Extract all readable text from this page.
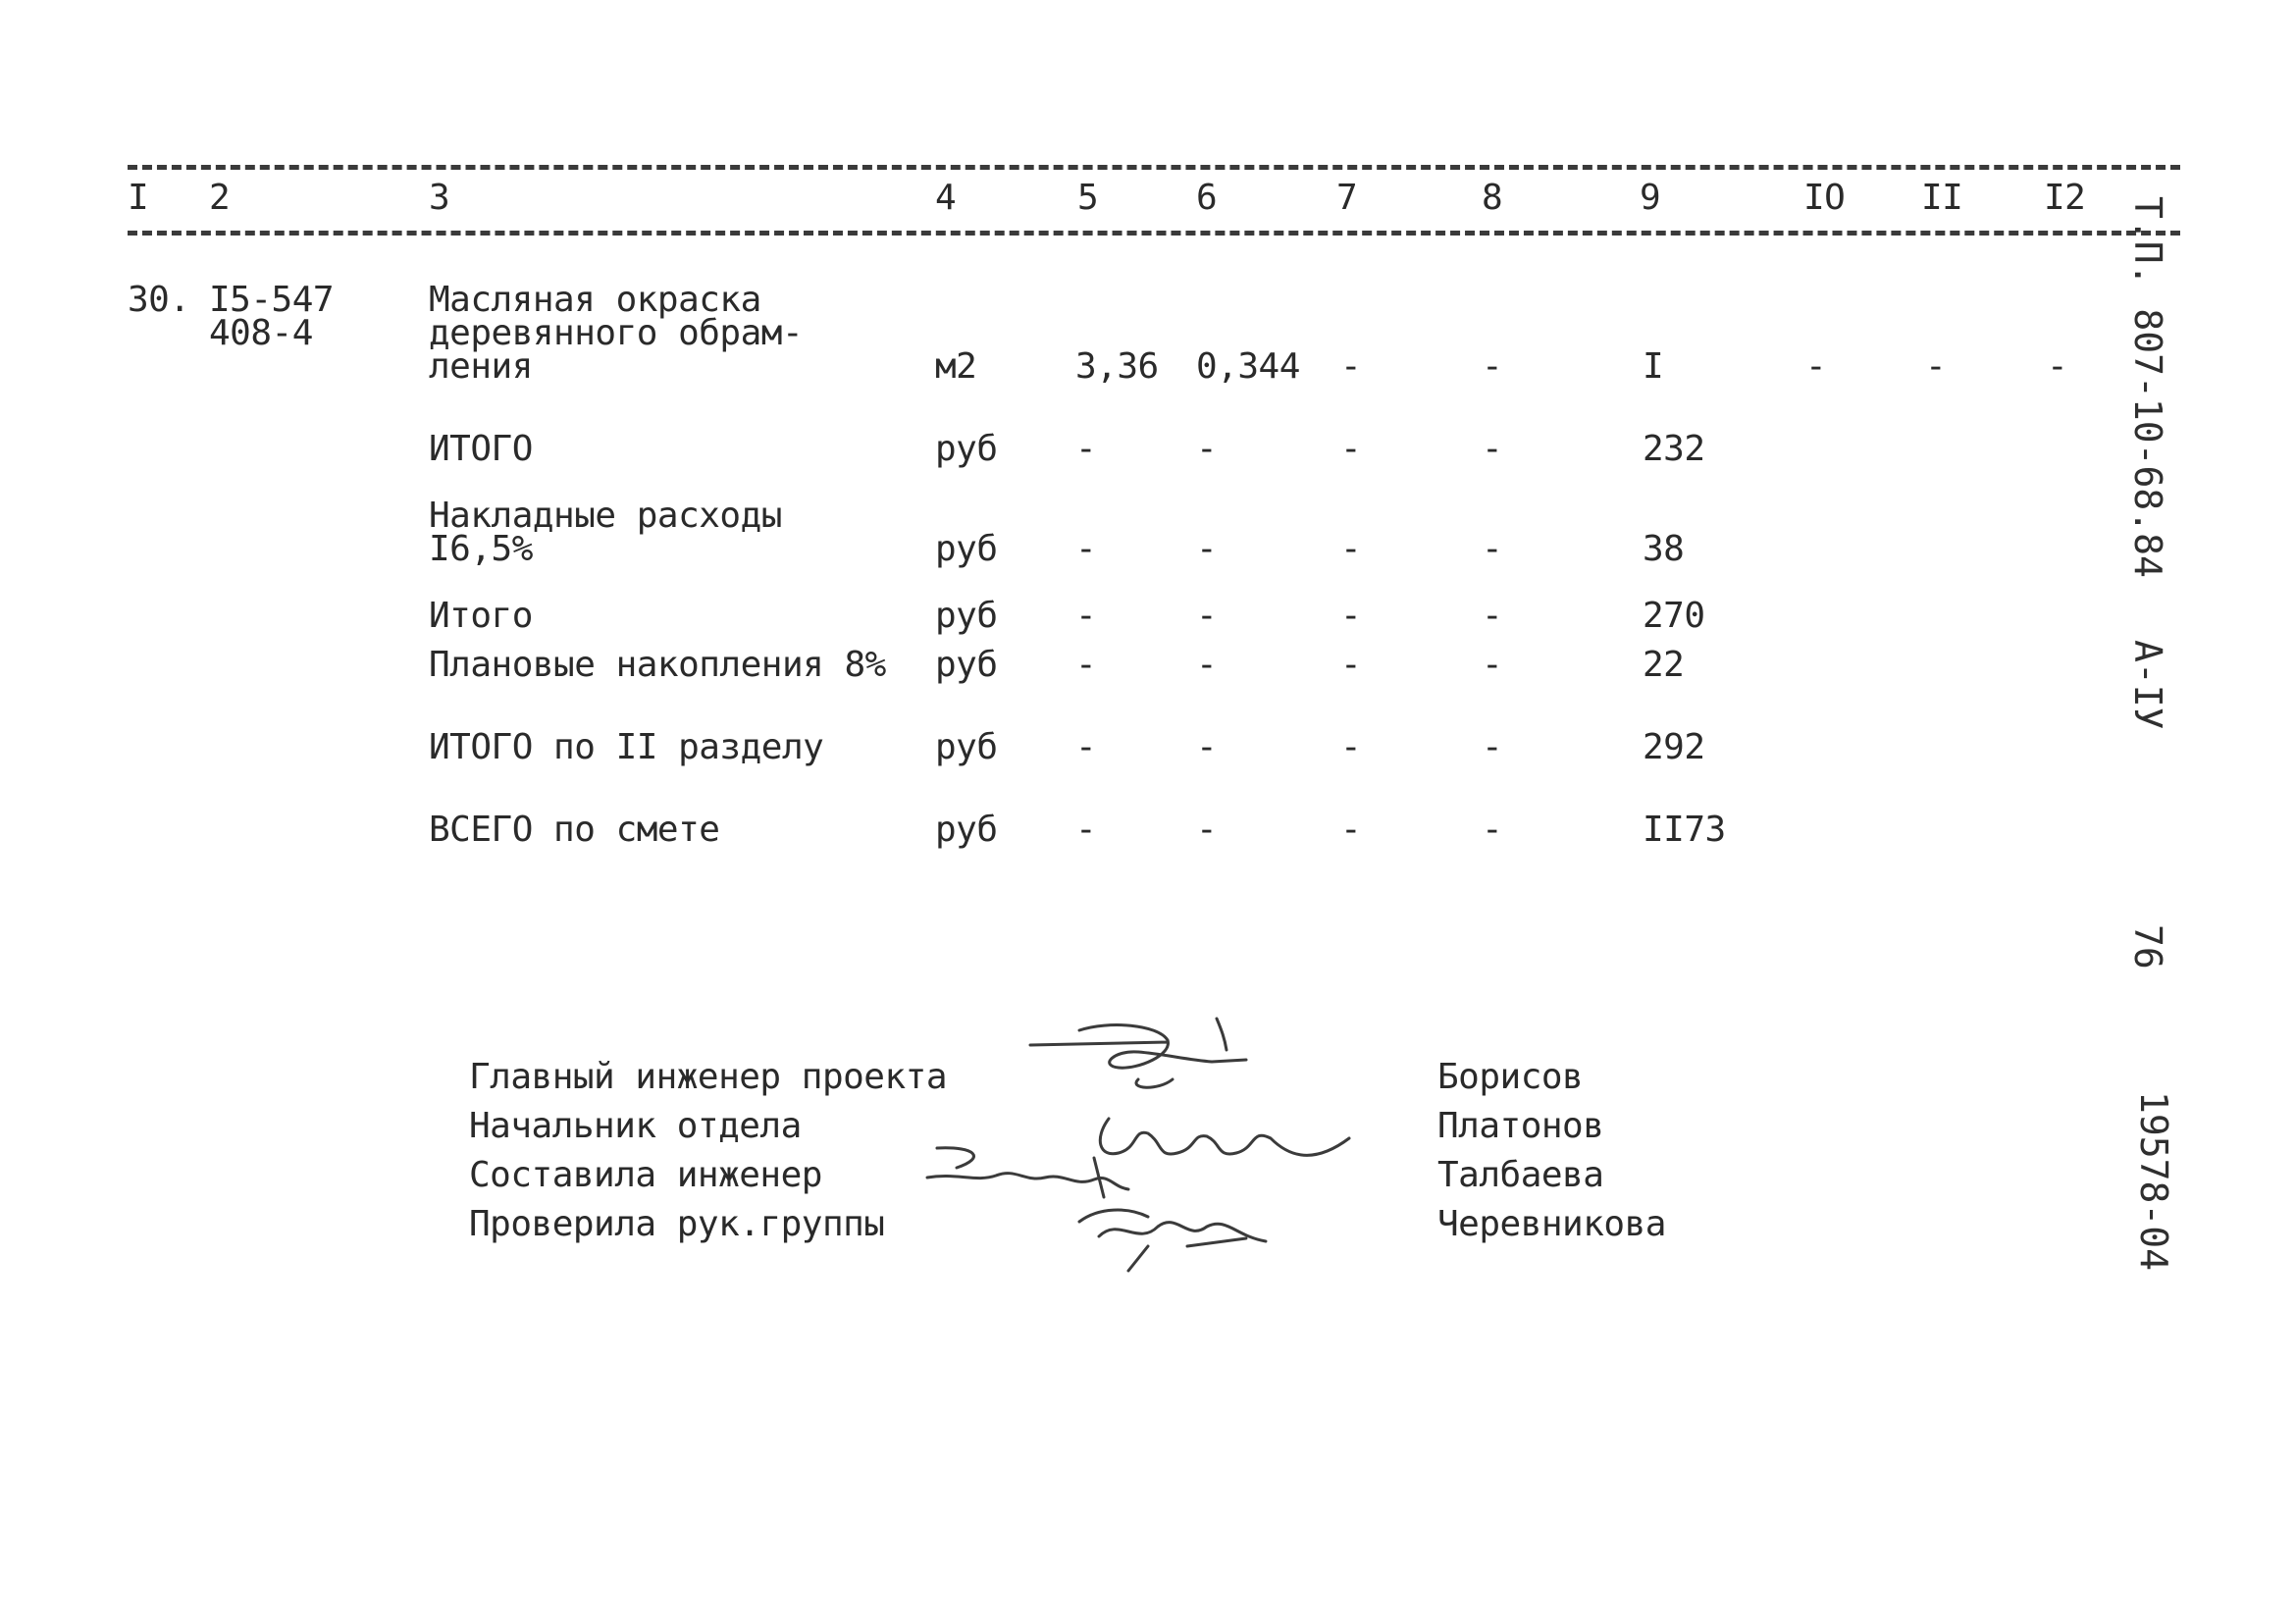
I 2	3	4	5	6	7	8	9	IO II I2
30. I5-547
408-4
Масляная окраска
деревянного обрам-
ления	м2	3,36 0,344 -	-	I	-	-	-
ИТОГО	руб -	-	-	-	232
Накладные расходы
I6,5%	руб -	-	-	-	38
Итого	руб -	-	-	-	270
Плановые накопления 8% руб -	-	-	-	22
ИТОГО по II разделу	руб -	-	-	-	292
ВСЕГО по смете	руб -	-	-	-	II73
Главный инженер проекта	Борисов
Начальник отдела	Платонов
Составила инженер	Талбаева
Проверила рук.группы	Черевникова
Т.П. 807-10-68.84
А-IУ
76
19578-04
